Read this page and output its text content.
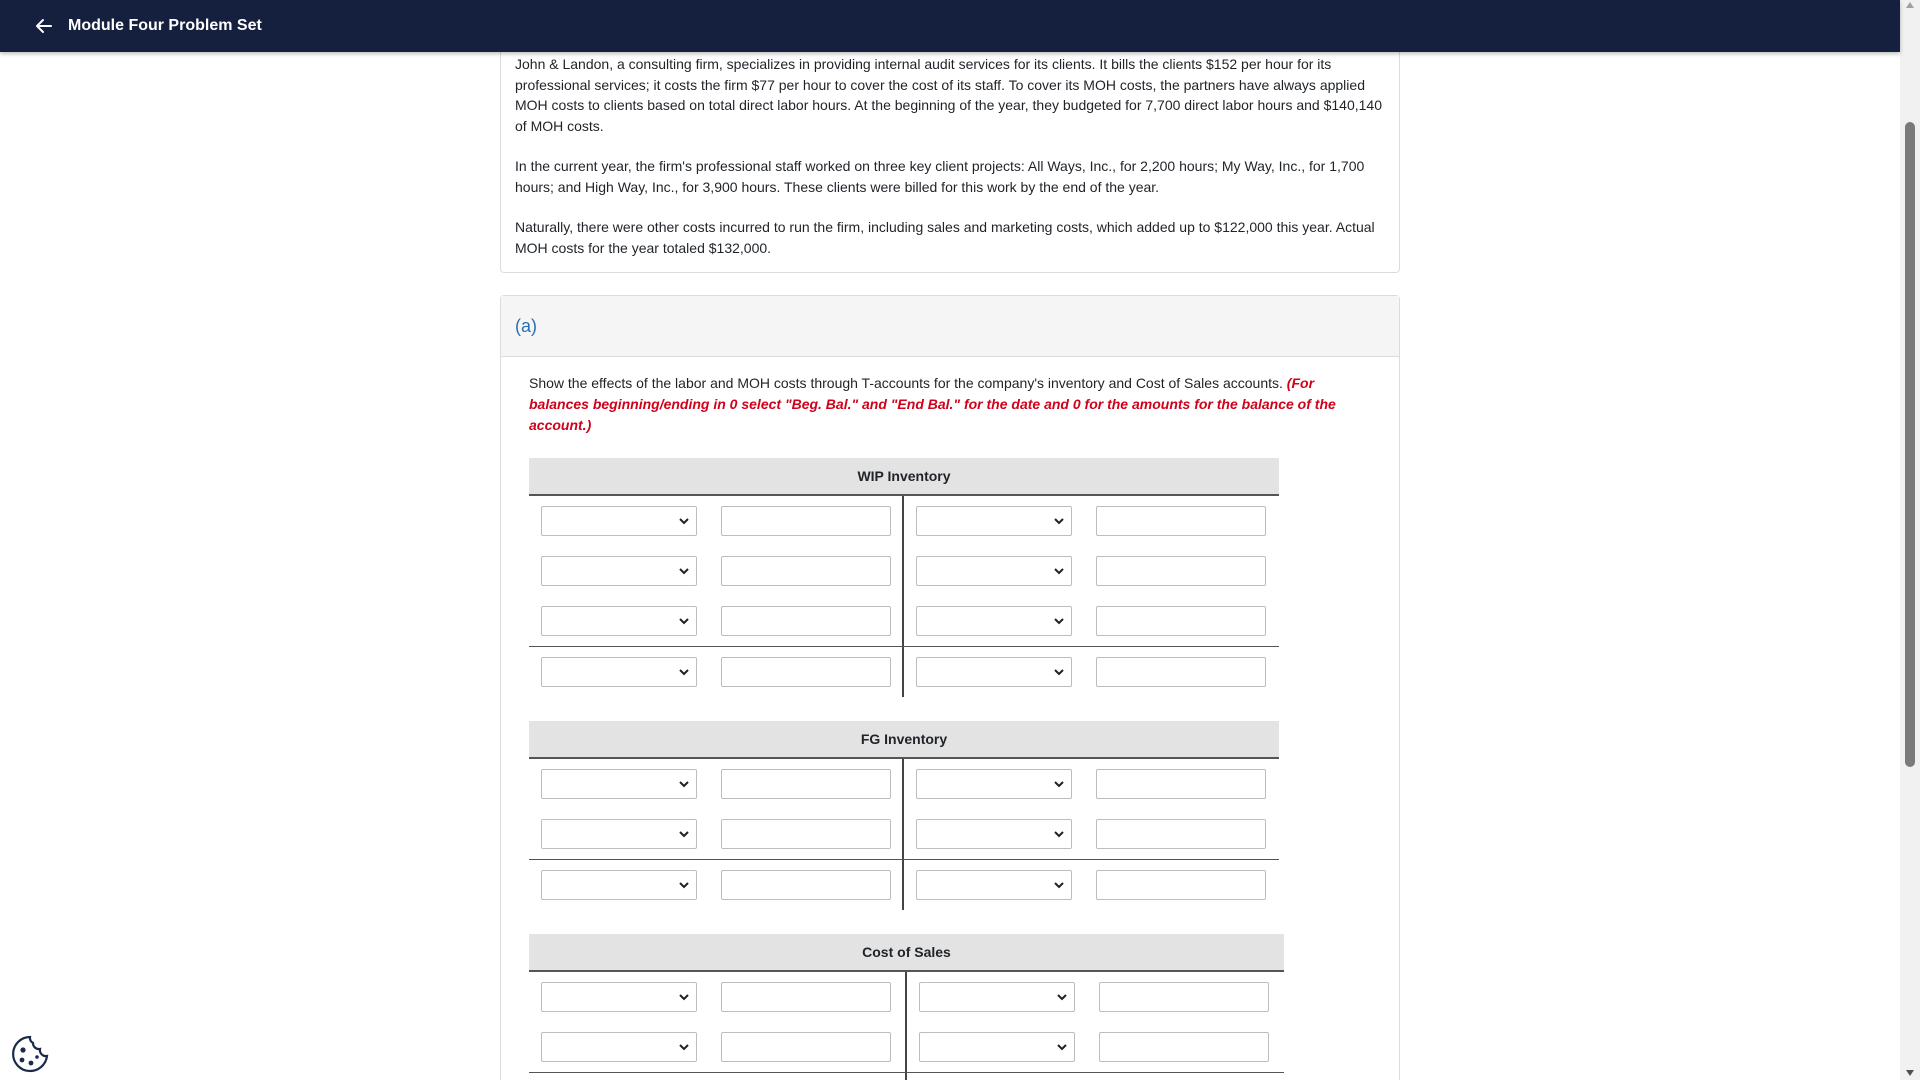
Module Four Problem Set

John & Landon, a consulting firm, specializes in providing internal audit services for its clients. It bills the clients $152 per hour for its professional services; it costs the firm $77 per hour to cover the cost of its staff. To cover its MOH costs, the partners have always applied MOH costs to clients based on total direct labor hours. At the beginning of the year, they budgeted for 7,700 direct labor hours and $140,140 of MOH costs.

In the current year, the firm's professional staff worked on three key client projects: All Ways, Inc., for 2,200 hours; My Way, Inc., for 1,700 hours; and High Way, Inc., for 3,900 hours. These clients were billed for this work by the end of the year.

Naturally, there were other costs incurred to run the firm, including sales and marketing costs, which added up to $122,000 this year. Actual MOH costs for the year totaled $132,000.

(a)

Show the effects of the labor and MOH costs through T-accounts for the company's inventory and Cost of Sales accounts. (For balances beginning/ending in 0 select "Beg. Bal." and "End Bal." for the date and 0 for the amounts for the balance of the account.)

WIP Inventory
FG Inventory
Cost of Sales
